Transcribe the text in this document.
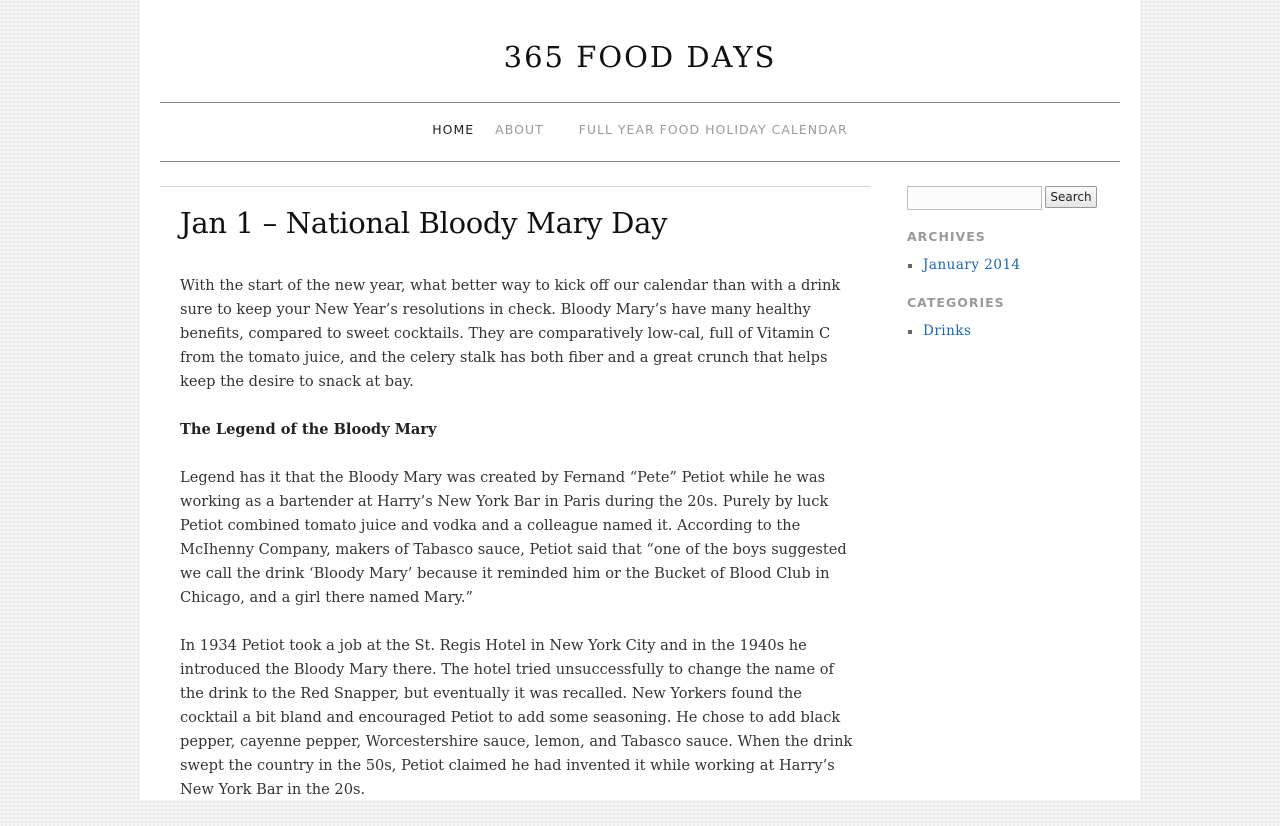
365 FOOD DAYS
HOME ABOUT	FULL YEAR FOOD HOLIDAY CALENDAR
Jan 1 – National Bloody Mary Day

With the start of the new year, what better way to kick off our calendar than with a drink sure to keep your New Year’s resolutions in check. Bloody Mary’s have many healthy benefits, compared to sweet cocktails. They are comparatively low-cal, full of Vitamin C from the tomato juice, and the celery stalk has both fiber and a great crunch that helps keep the desire to snack at bay.

The Legend of the Bloody Mary

Legend has it that the Bloody Mary was created by Fernand “Pete” Petiot while he was working as a bartender at Harry’s New York Bar in Paris during the 20s. Purely by luck Petiot combined tomato juice and vodka and a colleague named it. According to the McIhenny Company, makers of Tabasco sauce, Petiot said that “one of the boys suggested we call the drink ‘Bloody Mary’ because it reminded him or the Bucket of Blood Club in Chicago, and a girl there named Mary.”

In 1934 Petiot took a job at the St. Regis Hotel in New York City and in the 1940s he introduced the Bloody Mary there. The hotel tried unsuccessfully to change the name of the drink to the Red Snapper, but eventually it was recalled. New Yorkers found the cocktail a bit bland and encouraged Petiot to add some seasoning. He chose to add black pepper, cayenne pepper, Worcestershire sauce, lemon, and Tabasco sauce. When the drink swept the country in the 50s, Petiot claimed he had invented it while working at Harry’s New York Bar in the 20s.

Search
ARCHIVES
January 2014
CATEGORIES
Drinks
